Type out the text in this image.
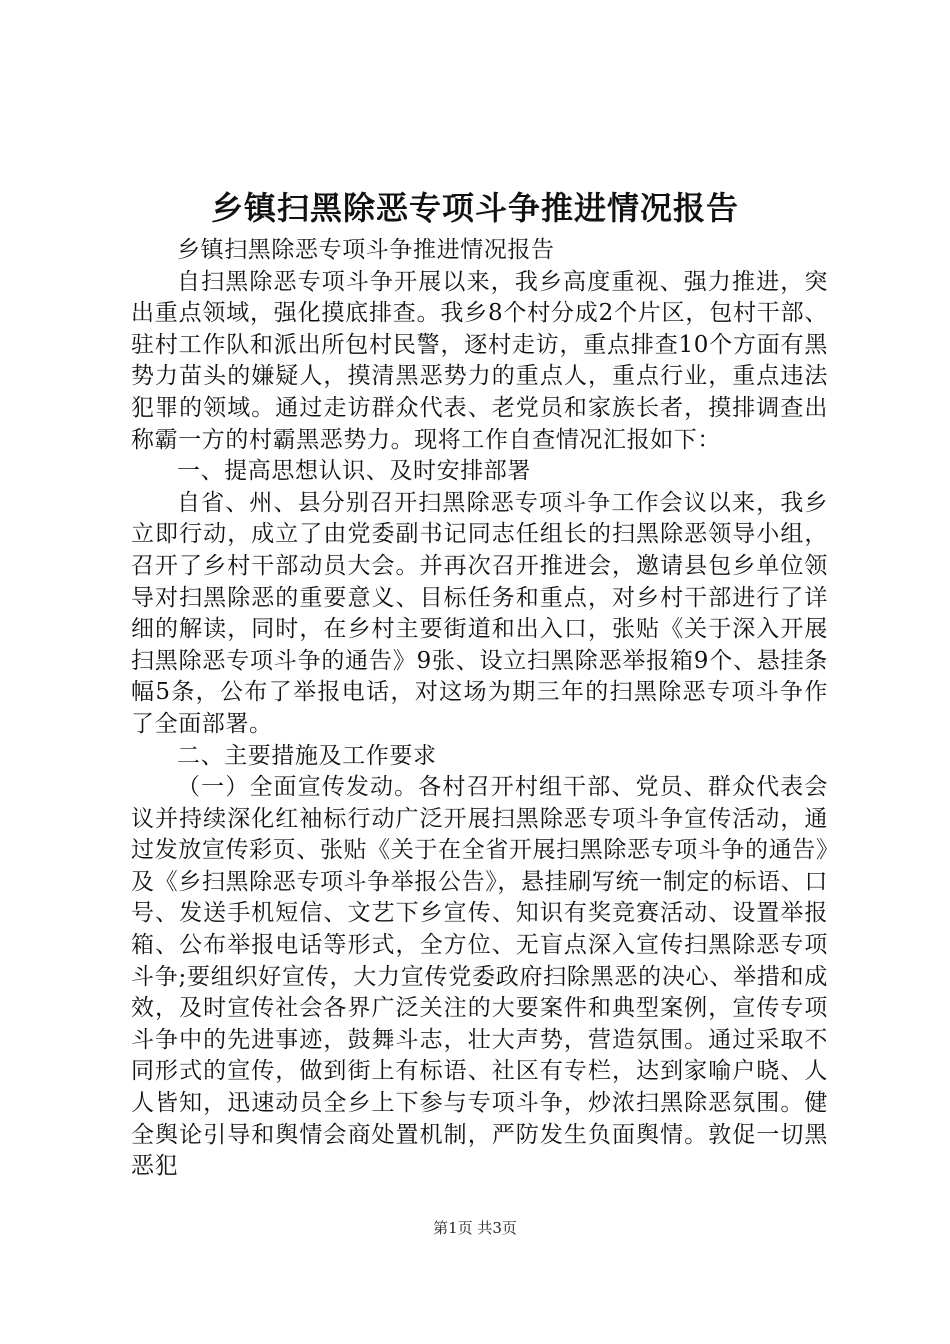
乡镇扫黑除恶专项斗争推进情况报告

乡镇扫黑除恶专项斗争推进情况报告

自扫黑除恶专项斗争开展以来，我乡高度重视、强力推进，突出重点领域，强化摸底排查。我乡8个村分成2个片区，包村干部、驻村工作队和派出所包村民警，逐村走访，重点排查10个方面有黑势力苗头的嫌疑人，摸清黑恶势力的重点人，重点行业，重点违法犯罪的领域。通过走访群众代表、老党员和家族长者，摸排调查出称霸一方的村霸黑恶势力。现将工作自查情况汇报如下：

一、提高思想认识、及时安排部署

自省、州、县分别召开扫黑除恶专项斗争工作会议以来，我乡立即行动，成立了由党委副书记同志任组长的扫黑除恶领导小组，召开了乡村干部动员大会。并再次召开推进会，邀请县包乡单位领导对扫黑除恶的重要意义、目标任务和重点，对乡村干部进行了详细的解读，同时，在乡村主要街道和出入口，张贴《关于深入开展扫黑除恶专项斗争的通告》9张、设立扫黑除恶举报箱9个、悬挂条幅5条，公布了举报电话，对这场为期三年的扫黑除恶专项斗争作了全面部署。

二、主要措施及工作要求

（一）全面宣传发动。各村召开村组干部、党员、群众代表会议并持续深化红袖标行动广泛开展扫黑除恶专项斗争宣传活动，通过发放宣传彩页、张贴《关于在全省开展扫黑除恶专项斗争的通告》及《乡扫黑除恶专项斗争举报公告》，悬挂刷写统一制定的标语、口号、发送手机短信、文艺下乡宣传、知识有奖竞赛活动、设置举报箱、公布举报电话等形式，全方位、无盲点深入宣传扫黑除恶专项斗争;要组织好宣传，大力宣传党委政府扫除黑恶的决心、举措和成效，及时宣传社会各界广泛关注的大要案件和典型案例，宣传专项斗争中的先进事迹，鼓舞斗志，壮大声势，营造氛围。通过采取不同形式的宣传，做到街上有标语、社区有专栏，达到家喻户晓、人人皆知，迅速动员全乡上下参与专项斗争，炒浓扫黑除恶氛围。健全舆论引导和舆情会商处置机制，严防发生负面舆情。敦促一切黑恶犯

第1页 共3页
